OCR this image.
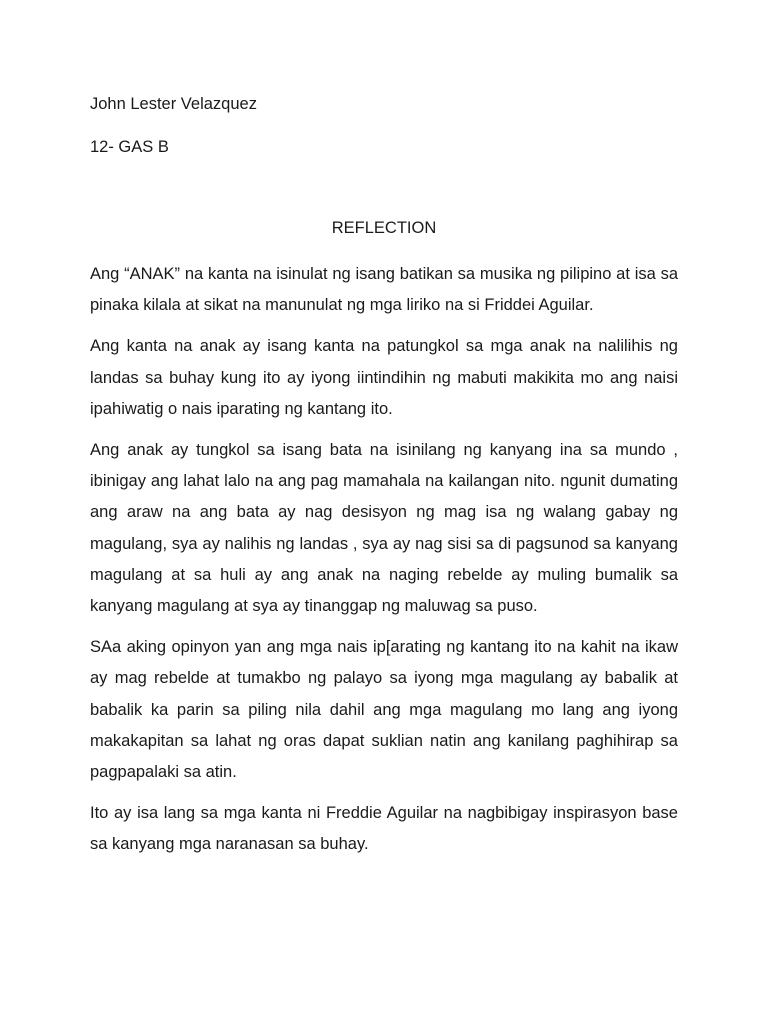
John Lester Velazquez
12- GAS B
REFLECTION

Ang “ANAK” na kanta na isinulat ng isang batikan sa musika ng pilipino at isa sa pinaka kilala at sikat na manunulat ng mga liriko na si Friddei Aguilar.

Ang kanta na anak ay isang kanta na patungkol sa mga anak na nalilihis ng landas sa buhay kung ito ay iyong iintindihin ng mabuti makikita mo ang naisi ipahiwatig o nais iparating ng kantang ito.

Ang anak ay tungkol sa isang bata na isinilang ng kanyang ina sa mundo , ibinigay ang lahat lalo na ang pag mamahala na kailangan nito. ngunit dumating ang araw na ang bata ay nag desisyon ng mag isa ng walang gabay ng magulang, sya ay nalihis ng landas , sya ay nag sisi sa di pagsunod sa kanyang magulang at sa huli ay ang anak na naging rebelde ay muling bumalik sa kanyang magulang at sya ay tinanggap ng maluwag sa puso.

SAa aking opinyon yan ang mga nais ip[arating ng kantang ito na kahit na ikaw ay mag rebelde at tumakbo ng palayo sa iyong mga magulang ay babalik at babalik ka parin sa piling nila dahil ang mga magulang mo lang ang iyong makakapitan sa lahat ng oras dapat suklian natin ang kanilang paghihirap sa pagpapalaki sa atin.

Ito ay isa lang sa mga kanta ni Freddie Aguilar na nagbibigay inspirasyon base sa kanyang mga naranasan sa buhay.
